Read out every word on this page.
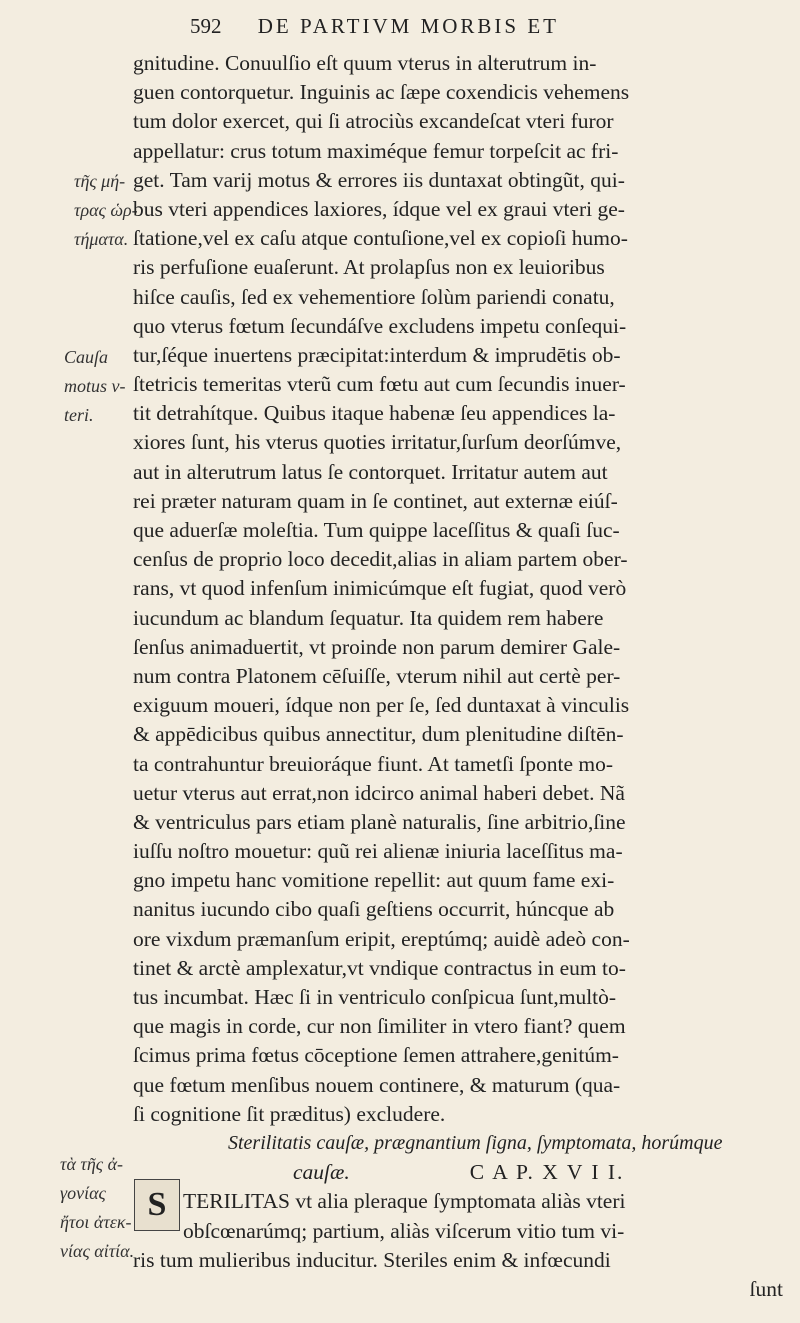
592 DE PARTIVM MORBIS ET
τῆς μή-
τρας ὡρ-
τήματα.
Cauſa
motus v-
teri.
τὰ τῆς ἀ-
γονίας
ἤτοι ἀτεκ-
νίας αἰτία.
gnitudine. Conuulſio eſt quum vterus in alterutrum in-
guen contorquetur. Inguinis ac ſæpe coxendicis vehemens
tum dolor exercet, qui ſi atrociùs excandeſcat vteri furor
appellatur: crus totum maximéque femur torpeſcit ac fri-
get. Tam varij motus & errores iis duntaxat obtingũt, qui-
bus vteri appendices laxiores, ídque vel ex graui vteri ge-
ſtatione,vel ex caſu atque contuſione,vel ex copioſi humo-
ris perfuſione euaſerunt. At prolapſus non ex leuioribus
hiſce cauſis, ſed ex vehementiore ſolùm pariendi conatu,
quo vterus fœtum ſecundáſve excludens impetu conſequi-
tur,ſéque inuertens præcipitat:interdum & imprudētis ob-
ſtetricis temeritas vterũ cum fœtu aut cum ſecundis inuer-
tit detrahítque. Quibus itaque habenæ ſeu appendices la-
xiores ſunt, his vterus quoties irritatur,ſurſum deorſúmve,
aut in alterutrum latus ſe contorquet. Irritatur autem aut
rei præter naturam quam in ſe continet, aut externæ eiúſ-
que aduerſæ moleſtia. Tum quippe laceſſitus & quaſi ſuc-
cenſus de proprio loco decedit,alias in aliam partem ober-
rans, vt quod infenſum inimicúmque eſt fugiat, quod verò
iucundum ac blandum ſequatur. Ita quidem rem habere
ſenſus animaduertit, vt proinde non parum demirer Gale-
num contra Platonem cēſuiſſe, vterum nihil aut certè per-
exiguum moueri, ídque non per ſe, ſed duntaxat à vinculis
& appēdicibus quibus annectitur, dum plenitudine diſtēn-
ta contrahuntur breuioráque fiunt. At tametſi ſponte mo-
uetur vterus aut errat,non idcirco animal haberi debet. Nã
& ventriculus pars etiam planè naturalis, ſine arbitrio,ſine
iuſſu noſtro mouetur: quũ rei alienæ iniuria laceſſitus ma-
gno impetu hanc vomitione repellit: aut quum fame exi-
nanitus iucundo cibo quaſi geſtiens occurrit, húncque ab
ore vixdum præmanſum eripit, ereptúmq; auidè adeò con-
tinet & arctè amplexatur,vt vndique contractus in eum to-
tus incumbat. Hæc ſi in ventriculo conſpicua ſunt,multò-
que magis in corde, cur non ſimiliter in vtero fiant? quem
ſcimus prima fœtus cōceptione ſemen attrahere,genitúm-
que fœtum menſibus nouem continere, & maturum (qua-
ſi cognitione ſit præditus) excludere.
Sterilitatis cauſæ, prægnantium ſigna, ſymptomata, horúmque
cauſæ.	C A P. X V I I.
TERILITAS vt alia pleraque ſymptomata aliàs vteri
obſcœnarúmq; partium, aliàs viſcerum vitio tum vi-
ris tum mulieribus inducitur. Steriles enim & infœcundi
ſunt
S
